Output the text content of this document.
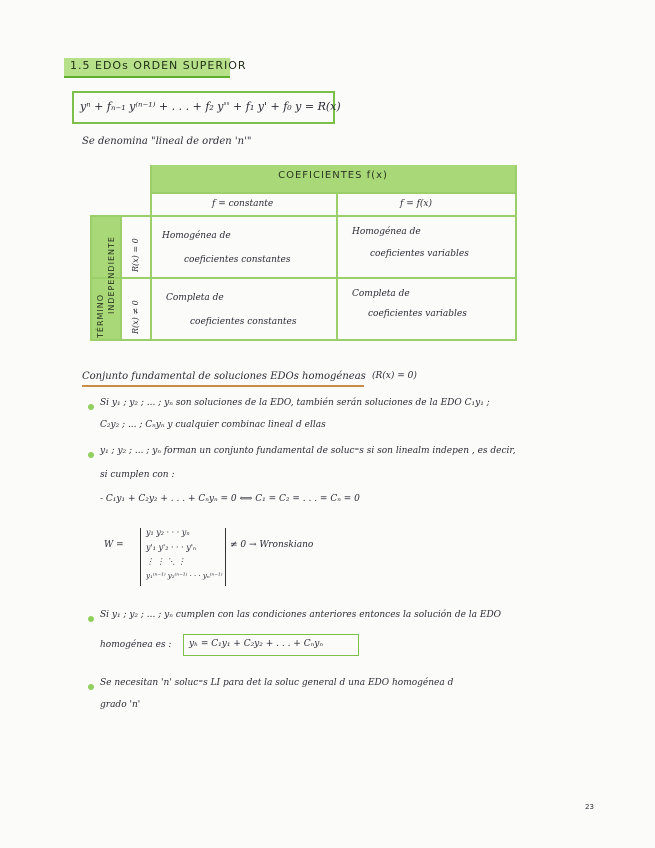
1.5 EDOs ORDEN SUPERIOR
yⁿ + fₙ₋₁ y⁽ⁿ⁻¹⁾ + . . . + f₂ y'' + f₁ y' + f₀ y = R(x)
Se denomina "lineal de orden 'n'"
COEFICIENTES f(x)
f = constante	f = f(x)
TÉRMINO
INDEPENDIENTE R(x) = 0
R(x) ≠ 0
Homogénea de
coeficientes constantes
Homogénea de
coeficientes variables
Completa de
coeficientes constantes
Completa de
coeficientes variables
Conjunto fundamental de soluciones EDOs homogéneas (R(x) = 0)
Si y₁ ; y₂ ; ... ; yₙ son soluciones de la EDO, también serán soluciones de la EDO C₁y₁ ;
C₂y₂ ; ... ; Cₙyₙ y cualquier combinac lineal d ellas
y₁ ; y₂ ; ... ; yₙ forman un conjunto fundamental de soluc⁼s si son linealm indepen , es decir,
si cumplen con :
- C₁y₁ + C₂y₂ + . . . + Cₙyₙ = 0 ⟺ C₁ = C₂ = . . . = Cₙ = 0
W =
y₁ y₂ · · · yₙ
y'₁ y'₂ · · · y'ₙ
⋮ ⋮ ⋱ ⋮
y₁⁽ⁿ⁻¹⁾ y₂⁽ⁿ⁻¹⁾ · · · yₙ⁽ⁿ⁻¹⁾
≠ 0 → Wronskiano
Si y₁ ; y₂ ; ... ; yₙ cumplen con las condiciones anteriores entonces la solución de la EDO
homogénea es : yₕ = C₁y₁ + C₂y₂ + . . . + Cₙyₙ
Se necesitan 'n' soluc⁼s LI para det la soluc general d una EDO homogénea d
grado 'n'
23
